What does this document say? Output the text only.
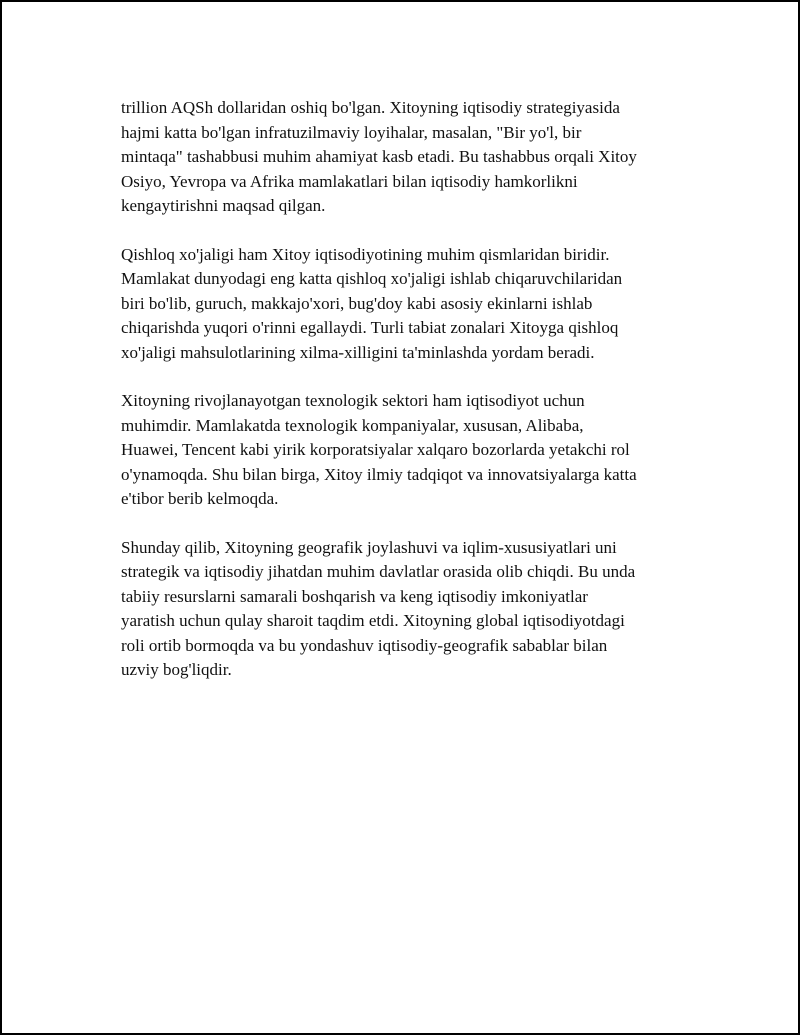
trillion AQSh dollaridan oshiq bo'lgan. Xitoyning iqtisodiy strategiyasida
hajmi katta bo'lgan infratuzilmaviy loyihalar, masalan, "Bir yo'l, bir
mintaqa" tashabbusi muhim ahamiyat kasb etadi. Bu tashabbus orqali Xitoy
Osiyo, Yevropa va Afrika mamlakatlari bilan iqtisodiy hamkorlikni
kengaytirishni maqsad qilgan.

Qishloq xo'jaligi ham Xitoy iqtisodiyotining muhim qismlaridan biridir.
Mamlakat dunyodagi eng katta qishloq xo'jaligi ishlab chiqaruvchilaridan
biri bo'lib, guruch, makkajo'xori, bug'doy kabi asosiy ekinlarni ishlab
chiqarishda yuqori o'rinni egallaydi. Turli tabiat zonalari Xitoyga qishloq
xo'jaligi mahsulotlarining xilma-xilligini ta'minlashda yordam beradi.

Xitoyning rivojlanayotgan texnologik sektori ham iqtisodiyot uchun
muhimdir. Mamlakatda texnologik kompaniyalar, xususan, Alibaba,
Huawei, Tencent kabi yirik korporatsiyalar xalqaro bozorlarda yetakchi rol
o'ynamoqda. Shu bilan birga, Xitoy ilmiy tadqiqot va innovatsiyalarga katta
e'tibor berib kelmoqda.

Shunday qilib, Xitoyning geografik joylashuvi va iqlim-xususiyatlari uni
strategik va iqtisodiy jihatdan muhim davlatlar orasida olib chiqdi. Bu unda
tabiiy resurslarni samarali boshqarish va keng iqtisodiy imkoniyatlar
yaratish uchun qulay sharoit taqdim etdi. Xitoyning global iqtisodiyotdagi
roli ortib bormoqda va bu yondashuv iqtisodiy-geografik sabablar bilan
uzviy bog'liqdir.
